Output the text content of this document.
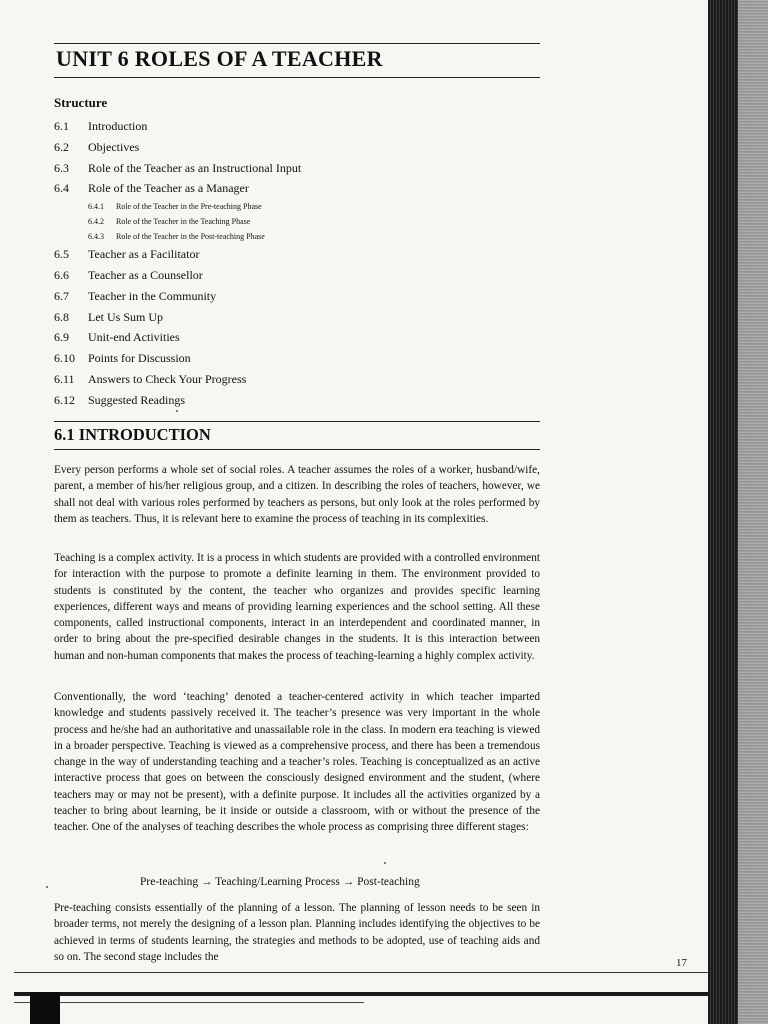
UNIT 6 ROLES OF A TEACHER
Structure
6.1	Introduction
6.2	Objectives
6.3	Role of the Teacher as an Instructional Input
6.4	Role of the Teacher as a Manager
6.4.1	Role of the Teacher in the Pre-teaching Phase
6.4.2	Role of the Teacher in the Teaching Phase
6.4.3	Role of the Teacher in the Post-teaching Phase
6.5	Teacher as a Facilitator
6.6	Teacher as a Counsellor
6.7	Teacher in the Community
6.8	Let Us Sum Up
6.9	Unit-end Activities
6.10	Points for Discussion
6.11	Answers to Check Your Progress
6.12	Suggested Readings
6.1 INTRODUCTION

Every person performs a whole set of social roles. A teacher assumes the roles of a worker, husband/wife, parent, a member of his/her religious group, and a citizen. In describing the roles of teachers, however, we shall not deal with various roles performed by teachers as persons, but only look at the roles performed by them as teachers. Thus, it is relevant here to examine the process of teaching in its complexities.

Teaching is a complex activity. It is a process in which students are provided with a controlled environment for interaction with the purpose to promote a definite learning in them. The environment provided to students is constituted by the content, the teacher who organizes and provides specific learning experiences, different ways and means of providing learning experiences and the school setting. All these components, called instructional components, interact in an interdependent and coordinated manner, in order to bring about the pre-specified desirable changes in the students. It is this interaction between human and non-human components that makes the process of teaching-learning a highly complex activity.

Conventionally, the word ‘teaching’ denoted a teacher-centered activity in which teacher imparted knowledge and students passively received it. The teacher’s presence was very important in the whole process and he/she had an authoritative and unassailable role in the class. In modern era teaching is viewed in a broader perspective. Teaching is viewed as a comprehensive process, and there has been a tremendous change in the way of understanding teaching and a teacher’s roles. Teaching is conceptualized as an active interactive process that goes on between the consciously designed environment and the student, (where teachers may or may not be present), with a definite purpose. It includes all the activities organized by a teacher to bring about learning, be it inside or outside a classroom, with or without the presence of the teacher. One of the analyses of teaching describes the whole process as comprising three different stages:

Pre-teaching → Teaching/Learning Process → Post-teaching

Pre-teaching consists essentially of the planning of a lesson. The planning of lesson needs to be seen in broader terms, not merely the designing of a lesson plan. Planning includes identifying the objectives to be achieved in terms of students learning, the strategies and methods to be adopted, use of teaching aids and so on. The second stage includes the

17
